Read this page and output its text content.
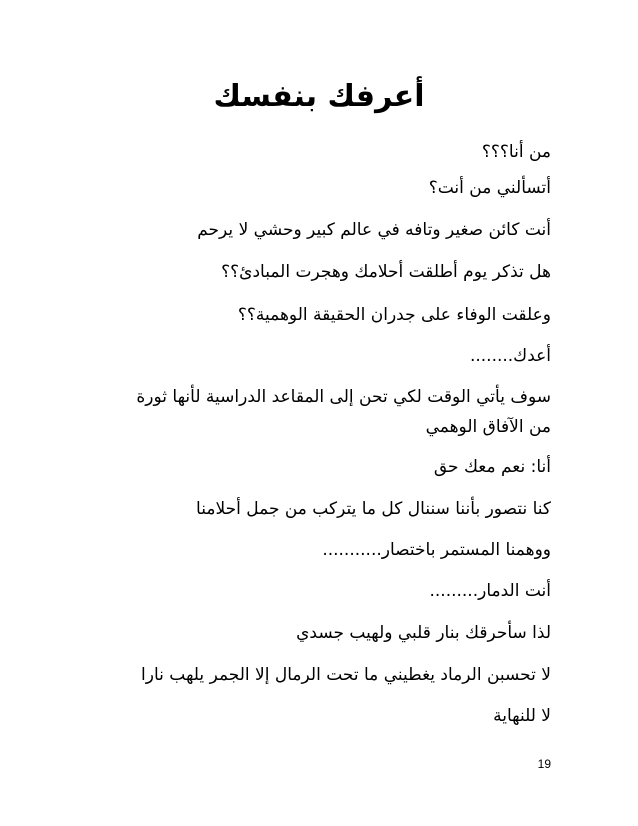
أعرفك بنفسك

من أنا؟؟؟

أتسألني من أنت؟

أنت كائن صغير وتافه في عالم كبير وحشي لا يرحم

هل تذكر يوم أطلقت أحلامك وهجرت المبادئ؟؟

وعلقت الوفاء على جدران الحقيقة الوهمية؟؟

أعدك........

سوف يأتي الوقت لكي تحن إلى المقاعد الدراسية لأنها ثورة

من الآفاق الوهمي

أنا: نعم معك حق

كنا نتصور بأننا سننال كل ما يتركب من جمل أحلامنا

ووهمنا المستمر باختصار...........

أنت الدمار.........

لذا سأحرقك بنار قلبي ولهيب جسدي

لا تحسبن الرماد يغطيني ما تحت الرمال إلا الجمر يلهب نارا

لا للنهاية

19
